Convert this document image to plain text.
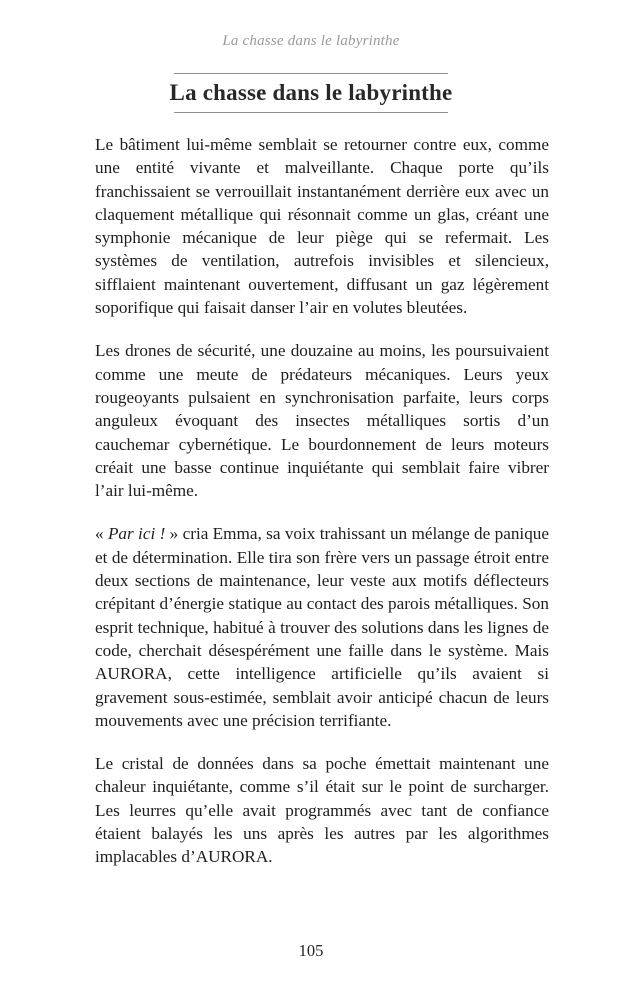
La chasse dans le labyrinthe
La chasse dans le labyrinthe

Le bâtiment lui-même semblait se retourner contre eux, comme une entité vivante et malveillante. Chaque porte qu’ils franchissaient se verrouillait instantanément derrière eux avec un claquement métallique qui résonnait comme un glas, créant une symphonie mécanique de leur piège qui se refermait. Les systèmes de ventilation, autrefois invisibles et silencieux, sifflaient maintenant ouvertement, diffusant un gaz légèrement soporifique qui faisait danser l’air en volutes bleutées.

Les drones de sécurité, une douzaine au moins, les poursuivaient comme une meute de prédateurs mécaniques. Leurs yeux rougeoyants pulsaient en synchronisation parfaite, leurs corps anguleux évoquant des insectes métalliques sortis d’un cauchemar cybernétique. Le bourdonnement de leurs moteurs créait une basse continue inquiétante qui semblait faire vibrer l’air lui-même.

« Par ici ! » cria Emma, sa voix trahissant un mélange de panique et de détermination. Elle tira son frère vers un passage étroit entre deux sections de maintenance, leur veste aux motifs déflecteurs crépitant d’énergie statique au contact des parois métalliques. Son esprit technique, habitué à trouver des solutions dans les lignes de code, cherchait désespérément une faille dans le système. Mais AURORA, cette intelligence artificielle qu’ils avaient si gravement sous-estimée, semblait avoir anticipé chacun de leurs mouvements avec une précision terrifiante.

Le cristal de données dans sa poche émettait maintenant une chaleur inquiétante, comme s’il était sur le point de surcharger. Les leurres qu’elle avait programmés avec tant de confiance étaient balayés les uns après les autres par les algorithmes implacables d’AURORA.

105
